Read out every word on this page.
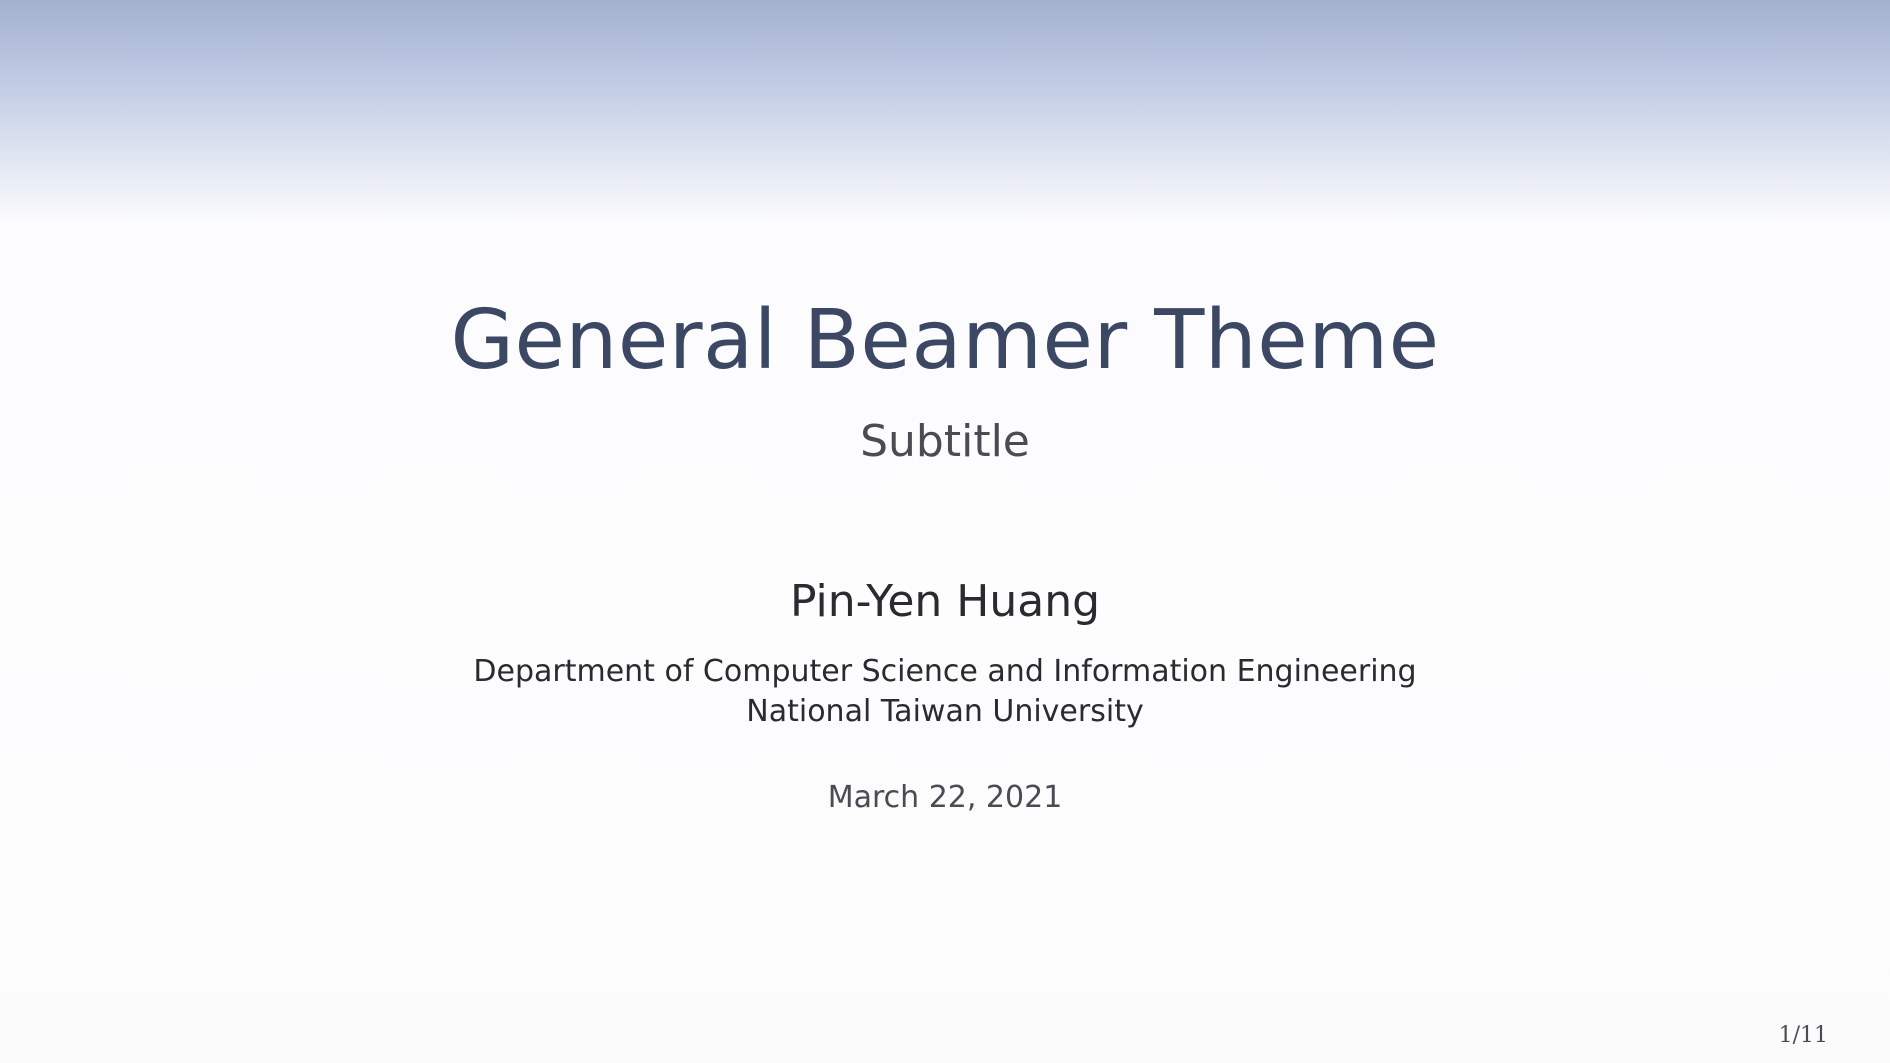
General Beamer Theme
Subtitle
Pin-Yen Huang
Department of Computer Science and Information Engineering
National Taiwan University
March 22, 2021
1/11
